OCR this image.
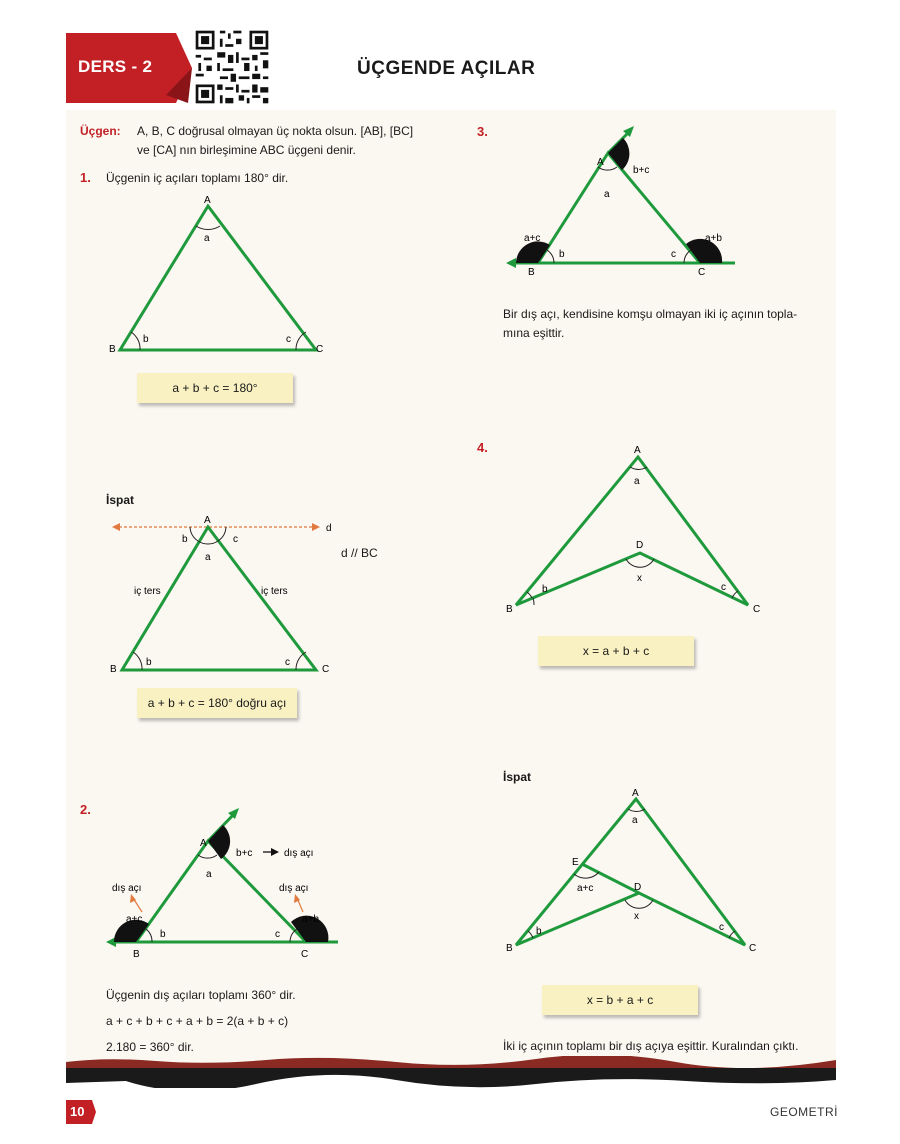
DERS - 2	ÜÇGENDE AÇILAR
Üçgen: A, B, C doğrusal olmayan üç nokta olsun. [AB], [BC]
ve [CA] nın birleşimine ABC üçgeni denir.
1. Üçgenin iç açıları toplamı 180° dir.
A
a
B
b	c
C
a + b + c = 180°
İspat
A
b
a
c
d
iç ters	iç ters
B
b	c
C
d // BC
a + b + c = 180° doğru açı
2.
A
b+c	dış açı
a
dış açı	dış açı
a+c
b	c
a+b
B	C
Üçgenin dış açıları toplamı 360° dir.
a + c + b + c + a + b = 2(a + b + c)
2.180 = 360° dir.
3.
A
b+c
a
a+c	a+b
b	c
B	C
Bir dış açı, kendisine komşu olmayan iki iç açının topla-
mına eşittir.
4.	A
a
D
x
b	c
B	C
x = a + b + c
İspat
A
a
E
a+c	D
x
b	c
B	C
x = b + a + c
İki iç açının toplamı bir dış açıya eşittir. Kuralından çıktı.
10	GEOMETRİ
